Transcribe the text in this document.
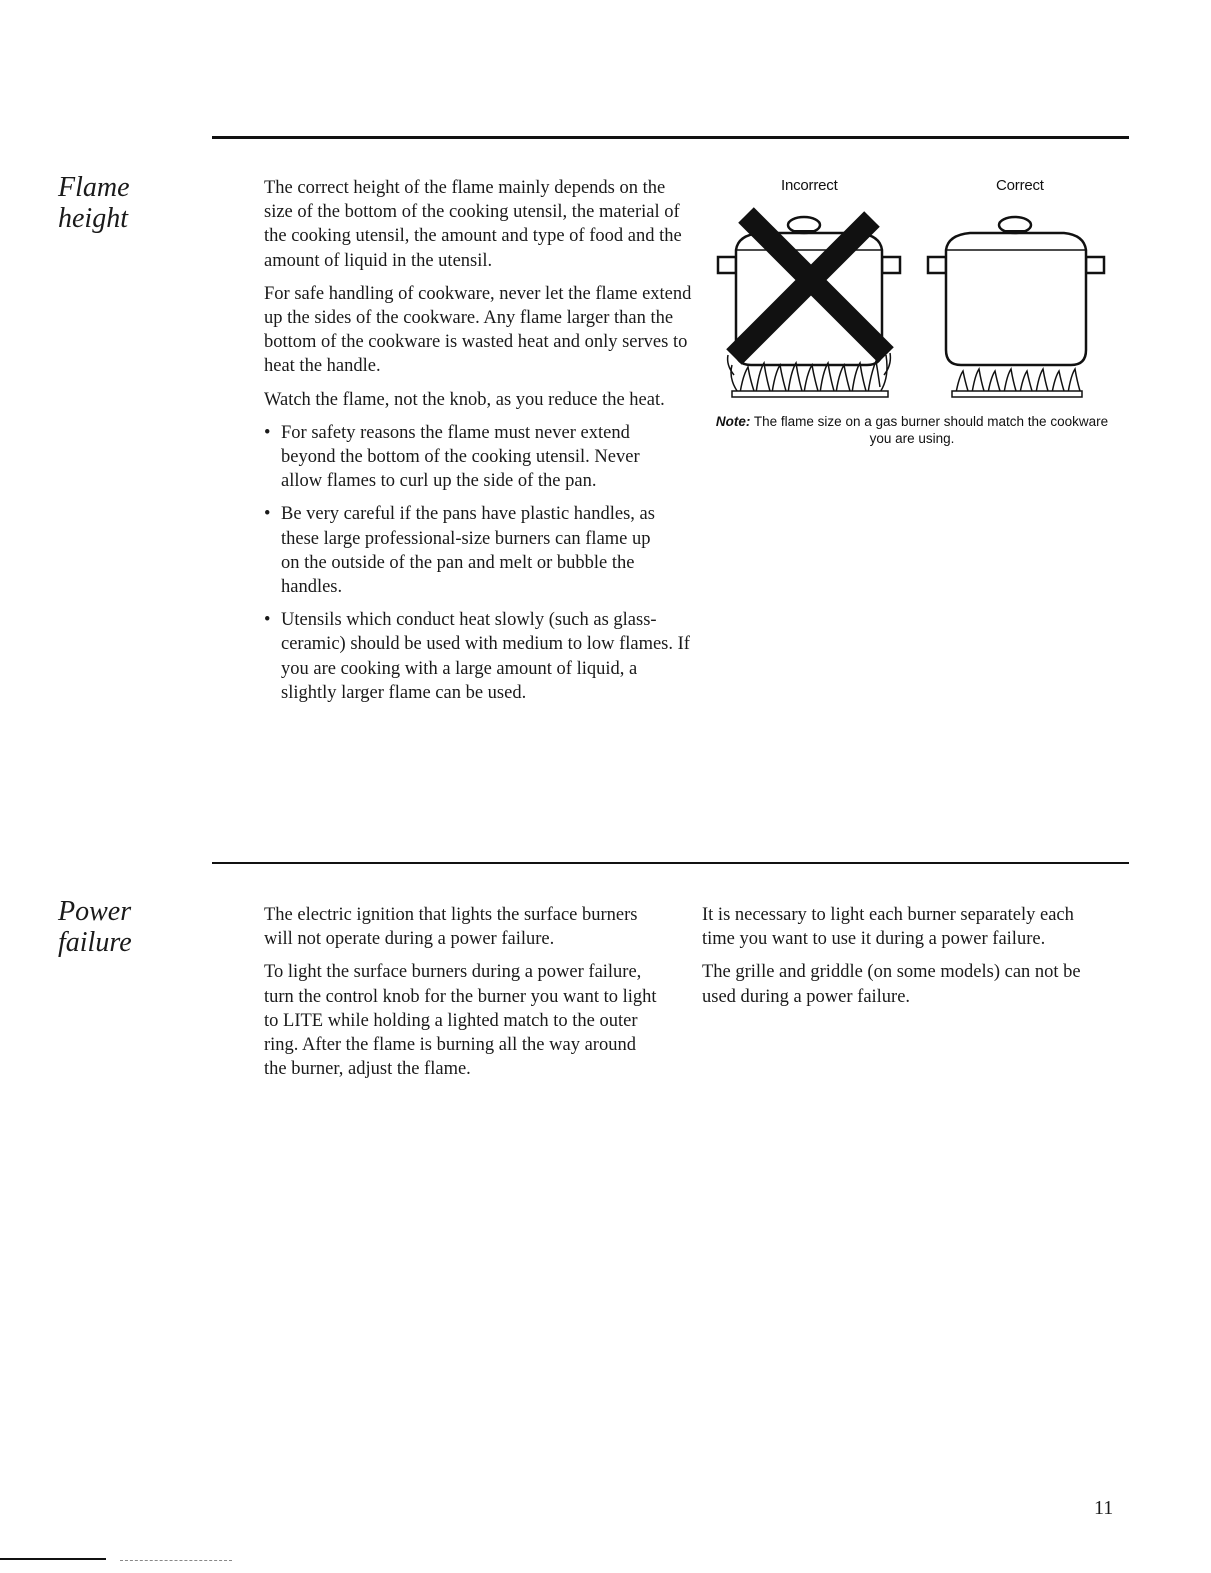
Flame
height

The correct height of the flame mainly depends on the size of the bottom of the cooking utensil, the material of the cooking utensil, the amount and type of food and the amount of liquid in the utensil.

For safe handling of cookware, never let the flame extend up the sides of the cookware. Any flame larger than the bottom of the cookware is wasted heat and only serves to heat the handle.

Watch the flame, not the knob, as you reduce the heat.

• For safety reasons the flame must never extend beyond the bottom of the cooking utensil. Never allow flames to curl up the side of the pan.
• Be very careful if the pans have plastic handles, as these large professional-size burners can flame up on the outside of the pan and melt or bubble the handles.
• Utensils which conduct heat slowly (such as glass-ceramic) should be used with medium to low flames. If you are cooking with a large amount of liquid, a slightly larger flame can be used.
Incorrect	Correct
Note: The flame size on a gas burner should match the cookware you are using.
Power
failure

The electric ignition that lights the surface burners will not operate during a power failure.

To light the surface burners during a power failure, turn the control knob for the burner you want to light to LITE while holding a lighted match to the outer ring. After the flame is burning all the way around the burner, adjust the flame.

It is necessary to light each burner separately each time you want to use it during a power failure.

The grille and griddle (on some models) can not be used during a power failure.

11
